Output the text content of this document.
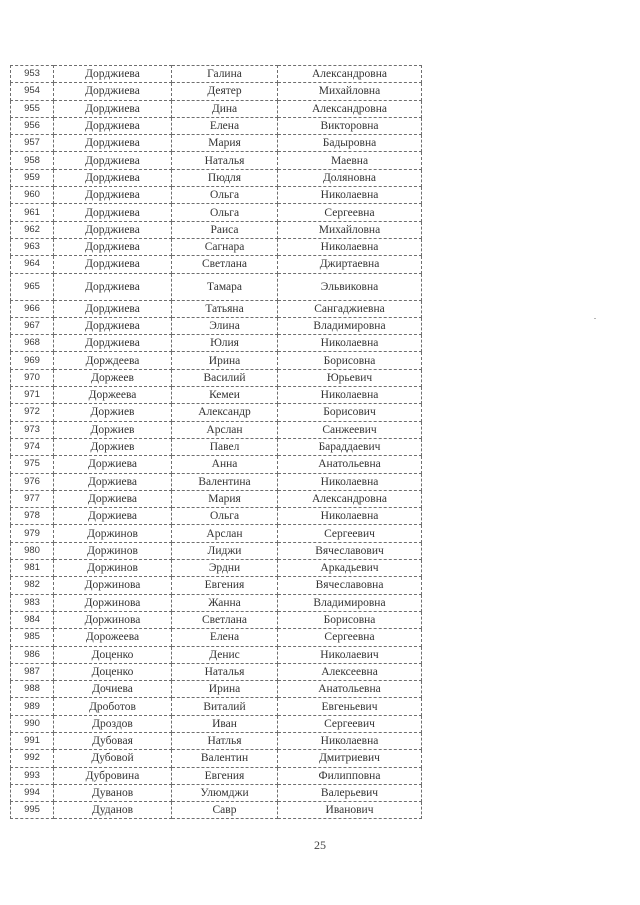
953	Дорджиева	Галина	Александровна
954	Дорджиева	Деятер	Михайловна
955	Дорджиева	Дина	Александровна
956	Дорджиева	Елена	Викторовна
957	Дорджиева	Мария	Бадыровна
958	Дорджиева	Наталья	Маевна
959	Дорджиева	Пюдля	Доляновна
960	Дорджиева	Ольга	Николаевна
961	Дорджиева	Ольга	Сергеевна
962	Дорджиева	Раиса	Михайловна
963	Дорджиева	Сагнара	Николаевна
964	Дорджиева	Светлана	Джиртаевна
965	Дорджиева	Тамара	Эльвиковна
966	Дорджиева	Татьяна	Сангаджиевна
967	Дорджиева	Элина	Владимировна
968	Дорджиева	Юлия	Николаевна
969	Дорждеева	Ирина	Борисовна
970	Доржеев	Василий	Юрьевич
971	Доржеева	Кемеи	Николаевна
972	Доржиев	Александр	Борисович
973	Доржиев	Арслан	Санжеевич
974	Доржиев	Павел	Бараддаевич
975	Доржиева	Анна	Анатольевна
976	Доржиева	Валентина	Николаевна
977	Доржиева	Мария	Александровна
978	Доржиева	Ольга	Николаевна
979	Доржинов	Арслан	Сергеевич
980	Доржинов	Лиджи	Вячеславович
981	Доржинов	Эрдни	Аркадьевич
982	Доржинова	Евгения	Вячеславовна
983	Доржинова	Жанна	Владимировна
984	Доржинова	Светлана	Борисовна
985	Дорожеева	Елена	Сергеевна
986	Доценко	Денис	Николаевич
987	Доценко	Наталья	Алексеевна
988	Дочиева	Ирина	Анатольевна
989	Дроботов	Виталий	Евгеньевич
990	Дроздов	Иван	Сергеевич
991	Дубовая	Натлья	Николаевна
992	Дубовой	Валентин	Дмитриевич
993	Дубровина	Евгения	Филипповна
994	Дуванов	Улюмджи	Валерьевич
995	Дуданов	Савр	Иванович
25
